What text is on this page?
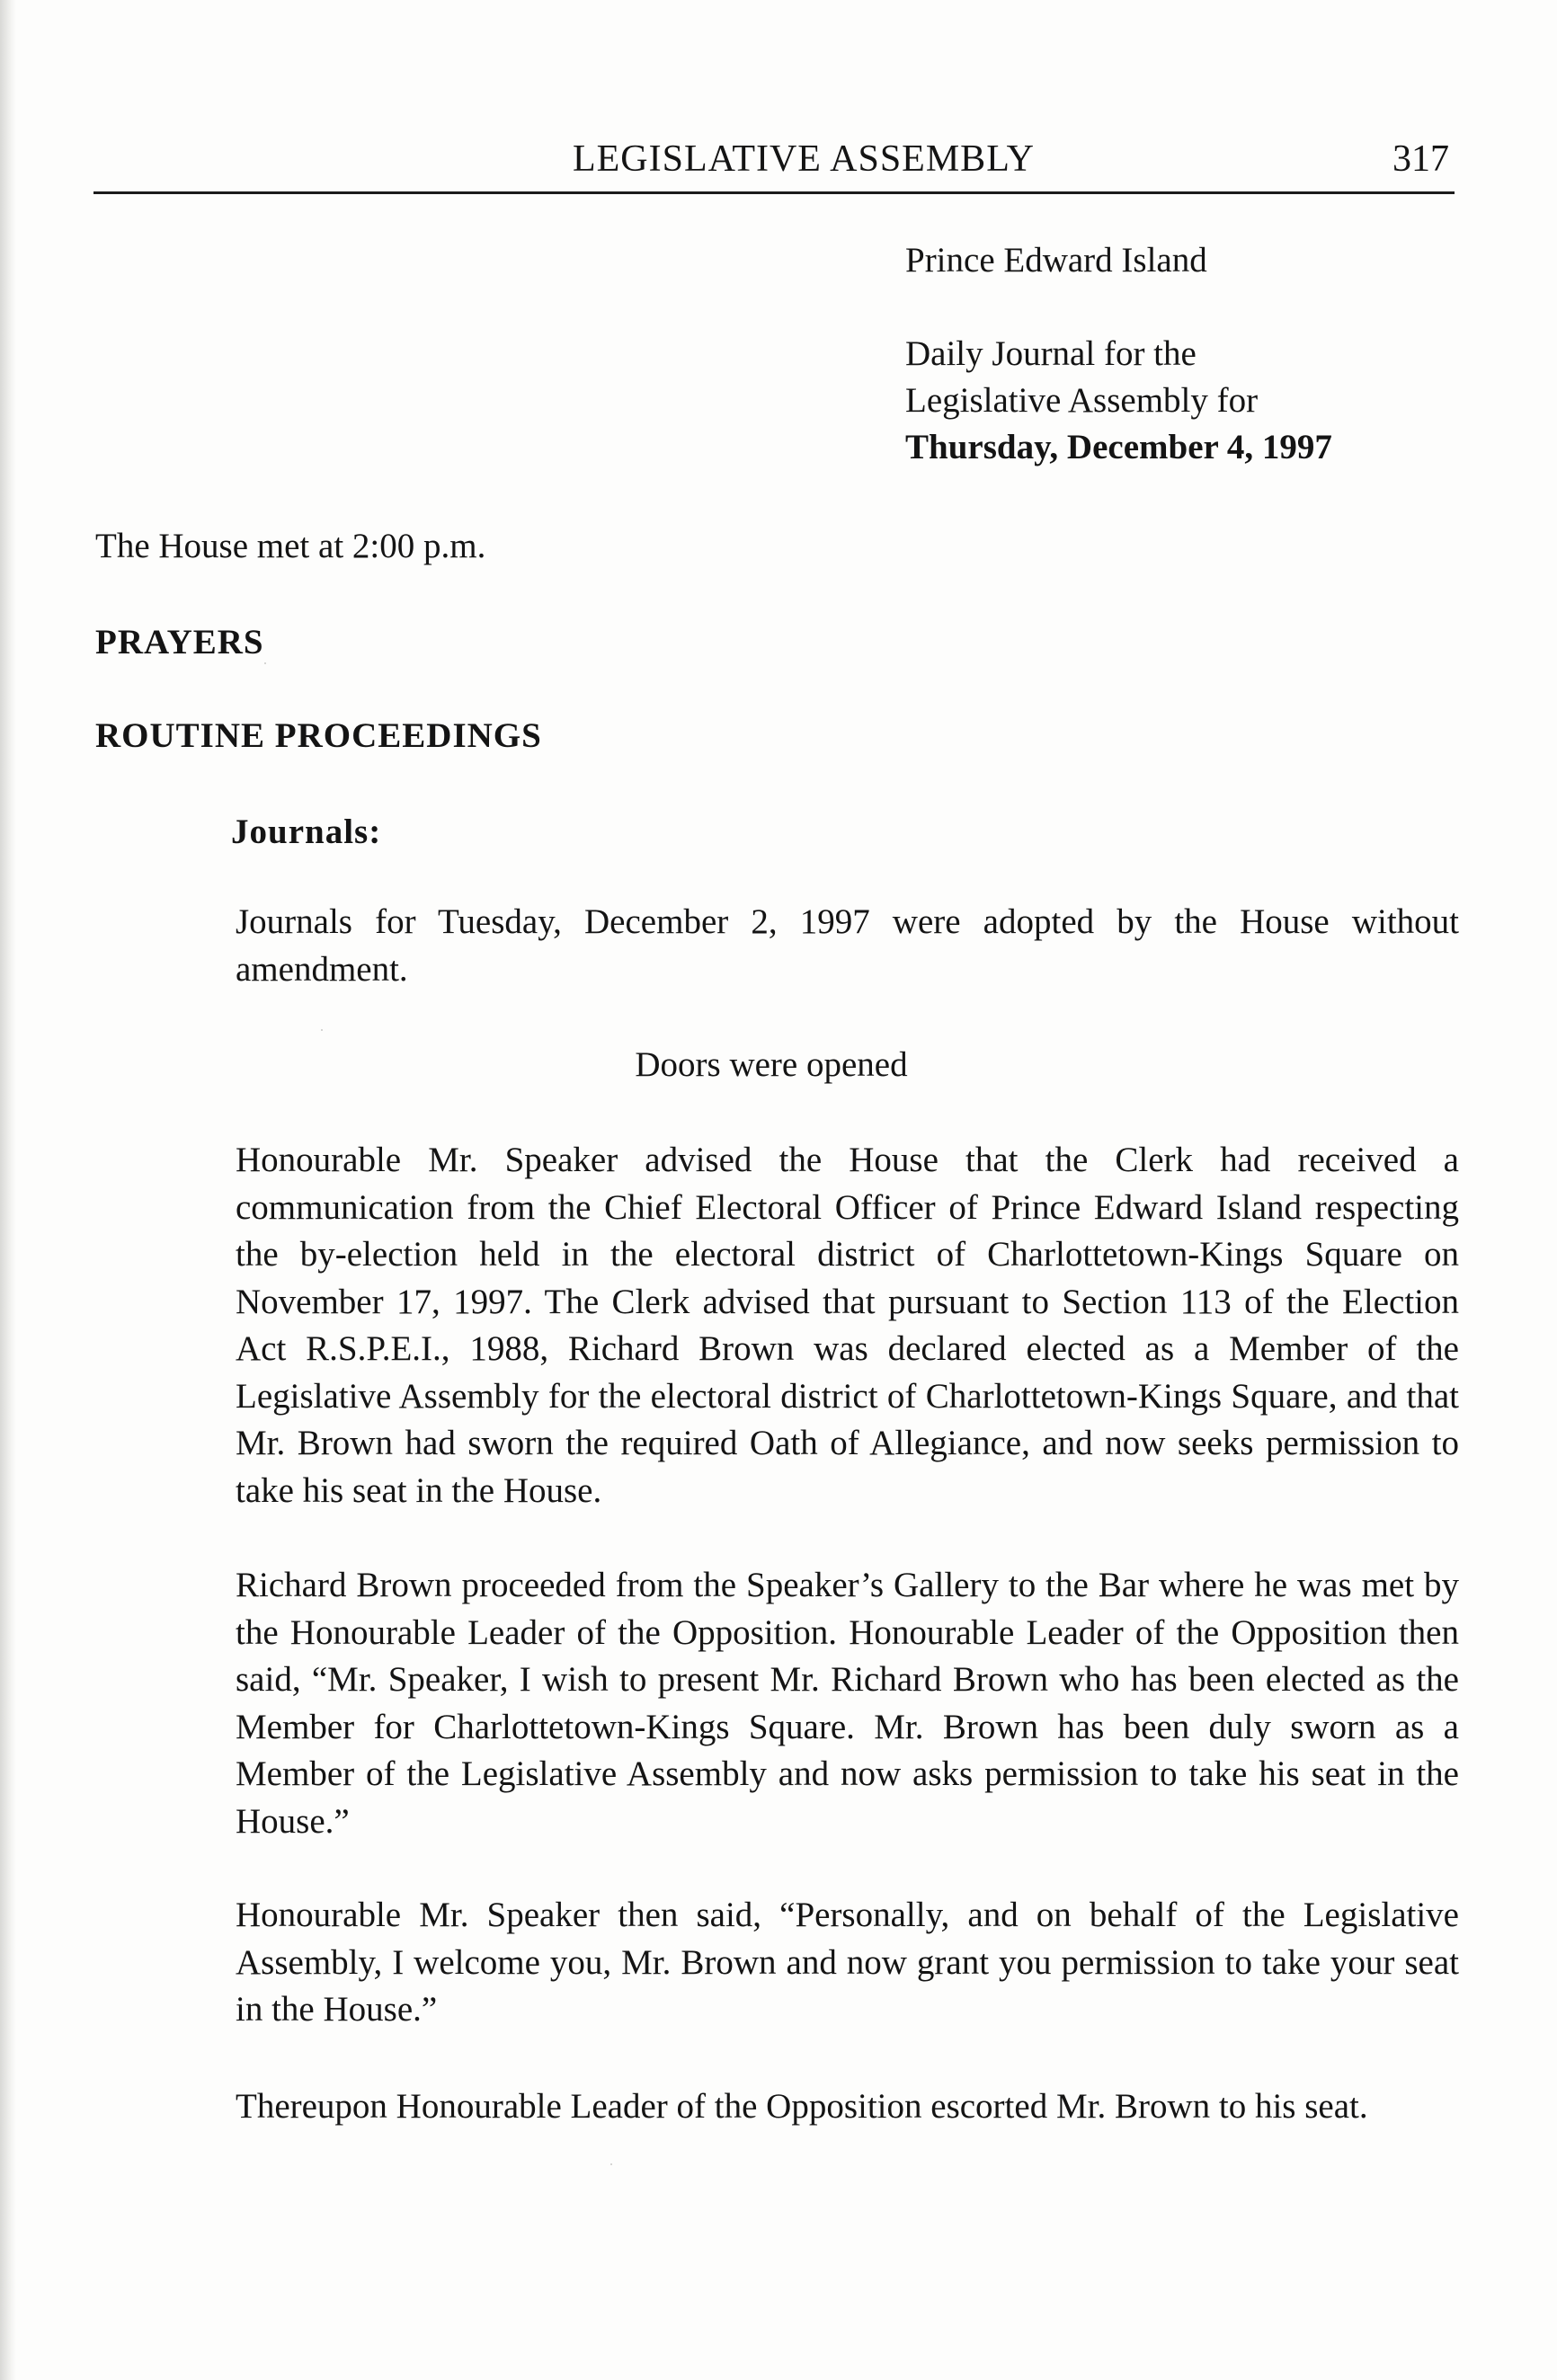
LEGISLATIVE ASSEMBLY	317
Prince Edward Island
Daily Journal for the
Legislative Assembly for
Thursday, December 4, 1997
The House met at 2:00 p.m.
PRAYERS
ROUTINE PROCEEDINGS
Journals:
Journals for Tuesday, December 2, 1997 were adopted by the House without amendment.
Doors were opened
Honourable Mr. Speaker advised the House that the Clerk had received a communication from the Chief Electoral Officer of Prince Edward Island respecting the by-election held in the electoral district of Charlottetown-Kings Square on November 17, 1997. The Clerk advised that pursuant to Section 113 of the Election Act R.S.P.E.I., 1988, Richard Brown was declared elected as a Member of the Legislative Assembly for the electoral district of Charlottetown-Kings Square, and that Mr. Brown had sworn the required Oath of Allegiance, and now seeks permission to take his seat in the House.
Richard Brown proceeded from the Speaker’s Gallery to the Bar where he was met by the Honourable Leader of the Opposition. Honourable Leader of the Opposition then said, “Mr. Speaker, I wish to present Mr. Richard Brown who has been elected as the Member for Charlottetown-Kings Square. Mr. Brown has been duly sworn as a Member of the Legislative Assembly and now asks permission to take his seat in the House.”
Honourable Mr. Speaker then said, “Personally, and on behalf of the Legislative Assembly, I welcome you, Mr. Brown and now grant you permission to take your seat in the House.”
Thereupon Honourable Leader of the Opposition escorted Mr. Brown to his seat.
